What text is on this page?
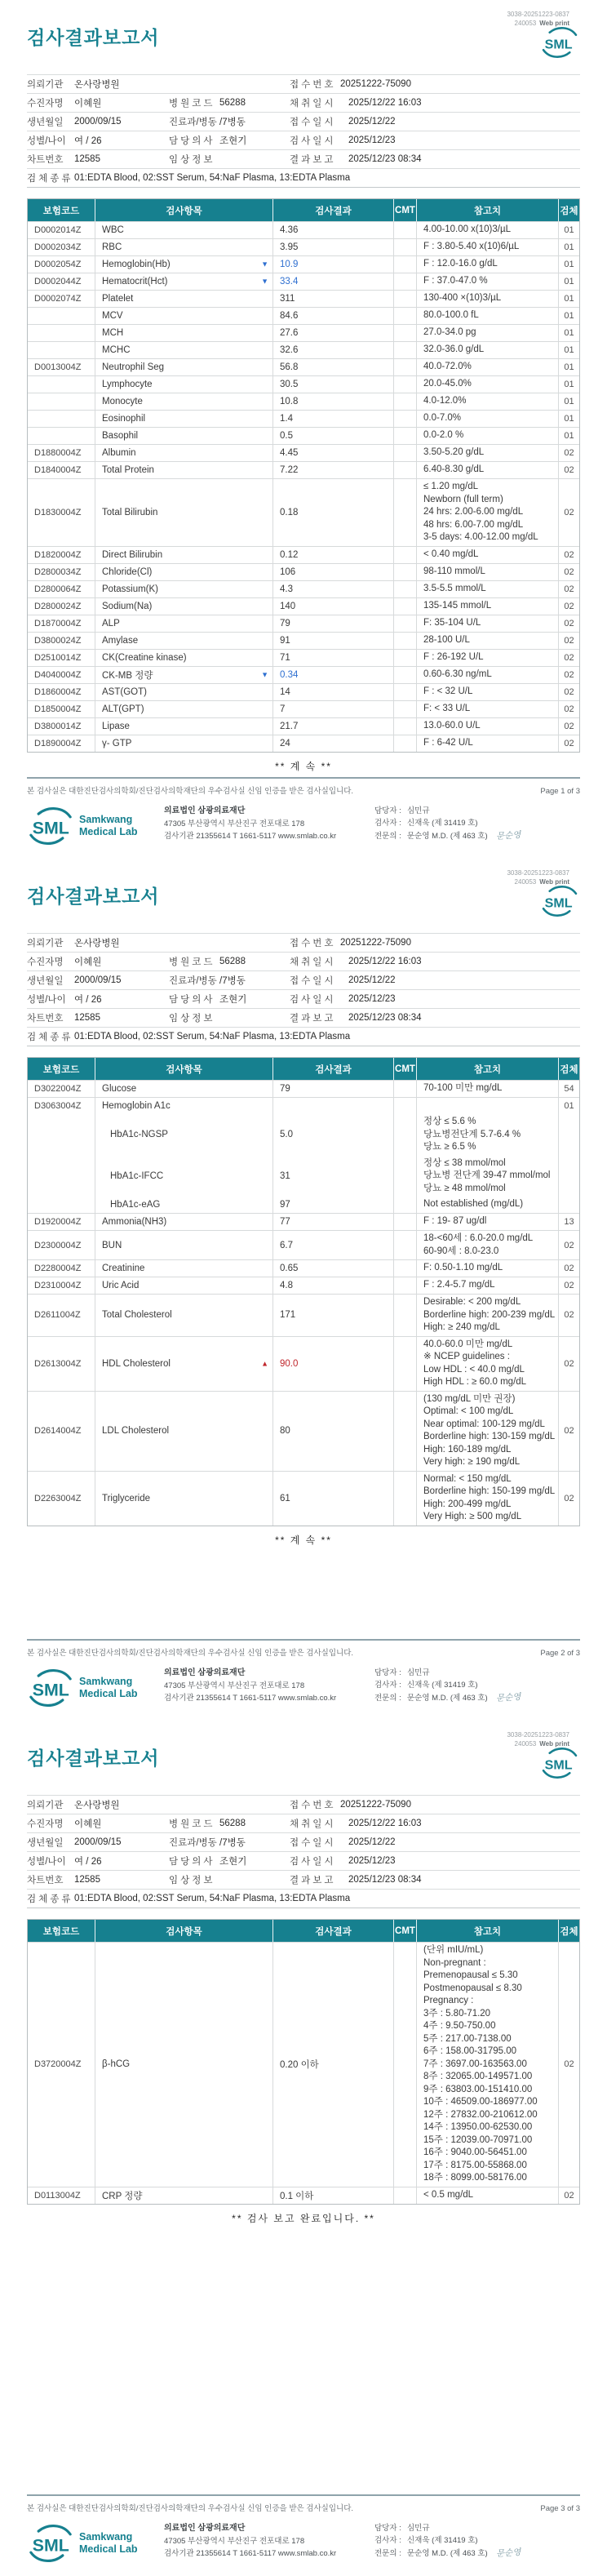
3038-20251223-0837
240053 Web print
검사결과보고서	SML
의뢰기관	온사랑병원	접수번호 20251222-75090
수진자명	이혜원	병원코드 56288	채취일시	2025/12/22 16:03
생년월일	2000/09/15	진료과/병동 /7병동	접수일시	2025/12/22
성별/나이 여 / 26	담당의사 조현기	검사일시	2025/12/23
차트번호	12585	임상정보	결과보고	2025/12/23 08:34
검체종류 01:EDTA Blood, 02:SST Serum, 54:NaF Plasma, 13:EDTA Plasma
보험코드	검사항목	검사결과	CMT	참고치	검체
D0002014Z	WBC	4.36	4.00-10.00 x(10)3/µL	01
D0002034Z	RBC	3.95	F : 3.80-5.40 x(10)6/µL	01
D0002054Z	Hemoglobin(Hb)	▼ 10.9	F : 12.0-16.0 g/dL	01
D0002044Z	Hematocrit(Hct)	▼ 33.4	F : 37.0-47.0 %	01
D0002074Z	Platelet	311	130-400 ×(10)3/µL	01
MCV	84.6	80.0-100.0 fL	01
MCH	27.6	27.0-34.0 pg	01
MCHC	32.6	32.0-36.0 g/dL	01
D0013004Z	Neutrophil Seg	56.8	40.0-72.0%	01
Lymphocyte	30.5	20.0-45.0%	01
Monocyte	10.8	4.0-12.0%	01
Eosinophil	1.4	0.0-7.0%	01
Basophil	0.5	0.0-2.0 %	01
D1880004Z	Albumin	4.45	3.50-5.20 g/dL	02
D1840004Z	Total Protein	7.22	6.40-8.30 g/dL	02
D1830004Z	Total Bilirubin	0.18
≤ 1.20 mg/dL
Newborn (full term)
24 hrs: 2.00-6.00 mg/dL
48 hrs: 6.00-7.00 mg/dL
3-5 days: 4.00-12.00 mg/dL
02
D1820004Z	Direct Bilirubin	0.12	< 0.40 mg/dL	02
D2800034Z	Chloride(Cl)	106	98-110 mmol/L	02
D2800064Z	Potassium(K)	4.3	3.5-5.5 mmol/L	02
D2800024Z	Sodium(Na)	140	135-145 mmol/L	02
D1870004Z	ALP	79	F: 35-104 U/L	02
D3800024Z	Amylase	91	28-100 U/L	02
D2510014Z	CK(Creatine kinase)	71	F : 26-192 U/L	02
D4040004Z	CK-MB 정량	▼ 0.34	0.60-6.30 ng/mL	02
D1860004Z	AST(GOT)	14	F : < 32 U/L	02
D1850004Z	ALT(GPT)	7	F: < 33 U/L	02
D3800014Z	Lipase	21.7	13.0-60.0 U/L	02
D1890004Z	γ- GTP	24	F : 6-42 U/L	02
** 계 속 **
본 검사실은 대한진단검사의학회/진단검사의학재단의 우수검사실 신임 인증을 받은 검사실입니다.	Page 1 of 3
SML Samkwang
Medical Lab
의료법인 삼광의료재단
47305 부산광역시 부산진구 전포대로 178
검사기관 21355614 T 1661-5117 www.smlab.co.kr
담당자 : 심민규
검사자 : 신재욱 (제 31419 호)
전문의 : 문순영 M.D. (제 463 호) 문순영
3038-20251223-0837
240053 Web print
검사결과보고서	SML
의뢰기관	온사랑병원	접수번호 20251222-75090
수진자명	이혜원	병원코드 56288	채취일시	2025/12/22 16:03
생년월일	2000/09/15	진료과/병동 /7병동	접수일시	2025/12/22
성별/나이 여 / 26	담당의사 조현기	검사일시	2025/12/23
차트번호	12585	임상정보	결과보고	2025/12/23 08:34
검체종류 01:EDTA Blood, 02:SST Serum, 54:NaF Plasma, 13:EDTA Plasma
보험코드	검사항목	검사결과	CMT	참고치	검체
D3022004Z	Glucose	79	70-100 미만 mg/dL	54
D3063004Z	Hemoglobin A1c	01
HbA1c-NGSP	5.0
정상 ≤ 5.6 %
당뇨병전단계 5.7-6.4 %
당뇨 ≥ 6.5 %
HbA1c-IFCC	31
정상 ≤ 38 mmol/mol
당뇨병 전단계 39-47 mmol/mol
당뇨 ≥ 48 mmol/mol
HbA1c-eAG	97	Not established (mg/dL)
D1920004Z	Ammonia(NH3)	77	F : 19- 87 ug/dl	13
D2300004Z	BUN	6.7
18-<60세 : 6.0-20.0 mg/dL
60-90세 : 8.0-23.0
02
D2280004Z	Creatinine	0.65	F: 0.50-1.10 mg/dL	02
D2310004Z	Uric Acid	4.8	F : 2.4-5.7 mg/dL	02
D2611004Z	Total Cholesterol	171
Desirable: < 200 mg/dL
Borderline high: 200-239 mg/dL
High: ≥ 240 mg/dL
02
D2613004Z	HDL Cholesterol	▲ 90.0
40.0-60.0 미만 mg/dL
※ NCEP guidelines :
Low HDL : < 40.0 mg/dL
High HDL : ≥ 60.0 mg/dL
02
D2614004Z	LDL Cholesterol	80
(130 mg/dL 미만 권장)
Optimal: < 100 mg/dL
Near optimal: 100-129 mg/dL
Borderline high: 130-159 mg/dL
High: 160-189 mg/dL
Very high: ≥ 190 mg/dL
02
D2263004Z	Triglyceride	61
Normal: < 150 mg/dL
Borderline high: 150-199 mg/dL
High: 200-499 mg/dL
Very High: ≥ 500 mg/dL
02
** 계 속 **
본 검사실은 대한진단검사의학회/진단검사의학재단의 우수검사실 신임 인증을 받은 검사실입니다.	Page 2 of 3
SML Samkwang
Medical Lab
의료법인 삼광의료재단
47305 부산광역시 부산진구 전포대로 178
검사기관 21355614 T 1661-5117 www.smlab.co.kr
담당자 : 심민규
검사자 : 신재욱 (제 31419 호)
전문의 : 문순영 M.D. (제 463 호) 문순영
3038-20251223-0837
240053 Web print
검사결과보고서	SML
의뢰기관	온사랑병원	접수번호 20251222-75090
수진자명	이혜원	병원코드 56288	채취일시	2025/12/22 16:03
생년월일	2000/09/15	진료과/병동 /7병동	접수일시	2025/12/22
성별/나이 여 / 26	담당의사 조현기	검사일시	2025/12/23
차트번호	12585	임상정보	결과보고	2025/12/23 08:34
검체종류 01:EDTA Blood, 02:SST Serum, 54:NaF Plasma, 13:EDTA Plasma
보험코드	검사항목	검사결과	CMT	참고치	검체
D3720004Z	β-hCG	0.20 이하
(단위 mIU/mL)
Non-pregnant :
Premenopausal ≤ 5.30
Postmenopausal ≤ 8.30
Pregnancy :
3주 : 5.80-71.20
4주 : 9.50-750.00
5주 : 217.00-7138.00
6주 : 158.00-31795.00
7주 : 3697.00-163563.00
8주 : 32065.00-149571.00
9주 : 63803.00-151410.00
10주 : 46509.00-186977.00
12주 : 27832.00-210612.00
14주 : 13950.00-62530.00
15주 : 12039.00-70971.00
16주 : 9040.00-56451.00
17주 : 8175.00-55868.00
18주 : 8099.00-58176.00
02
D0113004Z	CRP 정량	0.1 이하	< 0.5 mg/dL	02
** 검사 보고 완료입니다. **
본 검사실은 대한진단검사의학회/진단검사의학재단의 우수검사실 신임 인증을 받은 검사실입니다.	Page 3 of 3
SML Samkwang
Medical Lab
의료법인 삼광의료재단
47305 부산광역시 부산진구 전포대로 178
검사기관 21355614 T 1661-5117 www.smlab.co.kr
담당자 : 심민규
검사자 : 신재욱 (제 31419 호)
전문의 : 문순영 M.D. (제 463 호) 문순영
